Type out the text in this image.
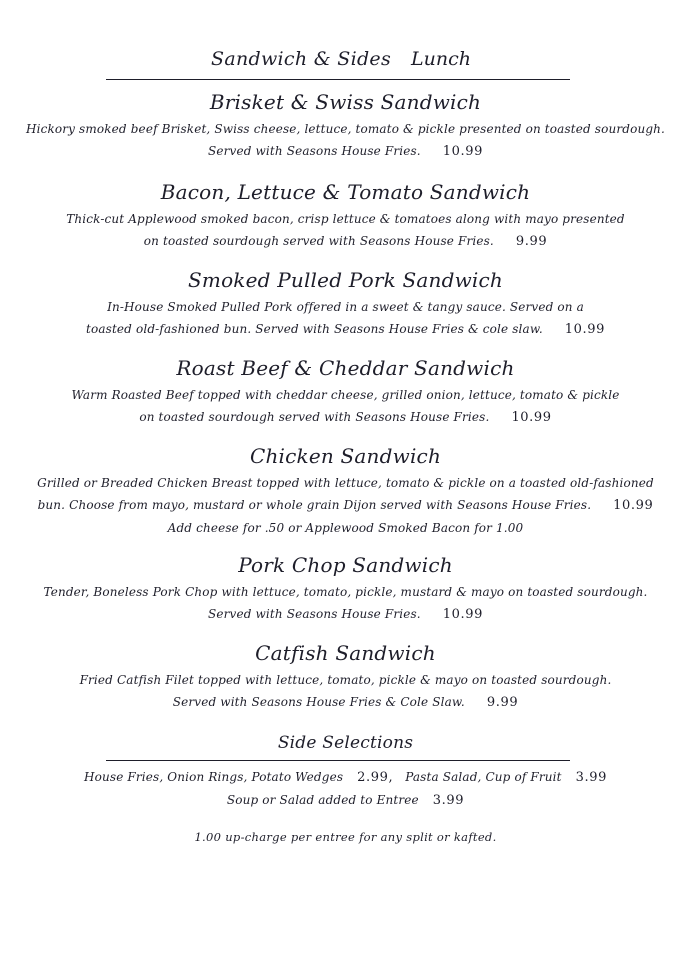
Sandwich & Sides Lunch
Brisket & Swiss Sandwich
Hickory smoked beef Brisket, Swiss cheese, lettuce, tomato & pickle presented on toasted sourdough.
Served with Seasons House Fries. 10.99
Bacon, Lettuce & Tomato Sandwich
Thick-cut Applewood smoked bacon, crisp lettuce & tomatoes along with mayo presented
on toasted sourdough served with Seasons House Fries. 9.99
Smoked Pulled Pork Sandwich
In-House Smoked Pulled Pork offered in a sweet & tangy sauce. Served on a
toasted old-fashioned bun. Served with Seasons House Fries & cole slaw. 10.99
Roast Beef & Cheddar Sandwich
Warm Roasted Beef topped with cheddar cheese, grilled onion, lettuce, tomato & pickle
on toasted sourdough served with Seasons House Fries. 10.99
Chicken Sandwich
Grilled or Breaded Chicken Breast topped with lettuce, tomato & pickle on a toasted old-fashioned
bun. Choose from mayo, mustard or whole grain Dijon served with Seasons House Fries. 10.99
Add cheese for .50 or Applewood Smoked Bacon for 1.00
Pork Chop Sandwich
Tender, Boneless Pork Chop with lettuce, tomato, pickle, mustard & mayo on toasted sourdough.
Served with Seasons House Fries. 10.99
Catfish Sandwich
Fried Catfish Filet topped with lettuce, tomato, pickle & mayo on toasted sourdough.
Served with Seasons House Fries & Cole Slaw. 9.99
Side Selections
House Fries, Onion Rings, Potato Wedges 2.99, Pasta Salad, Cup of Fruit 3.99
Soup or Salad added to Entree 3.99
1.00 up-charge per entree for any split or kafted.
